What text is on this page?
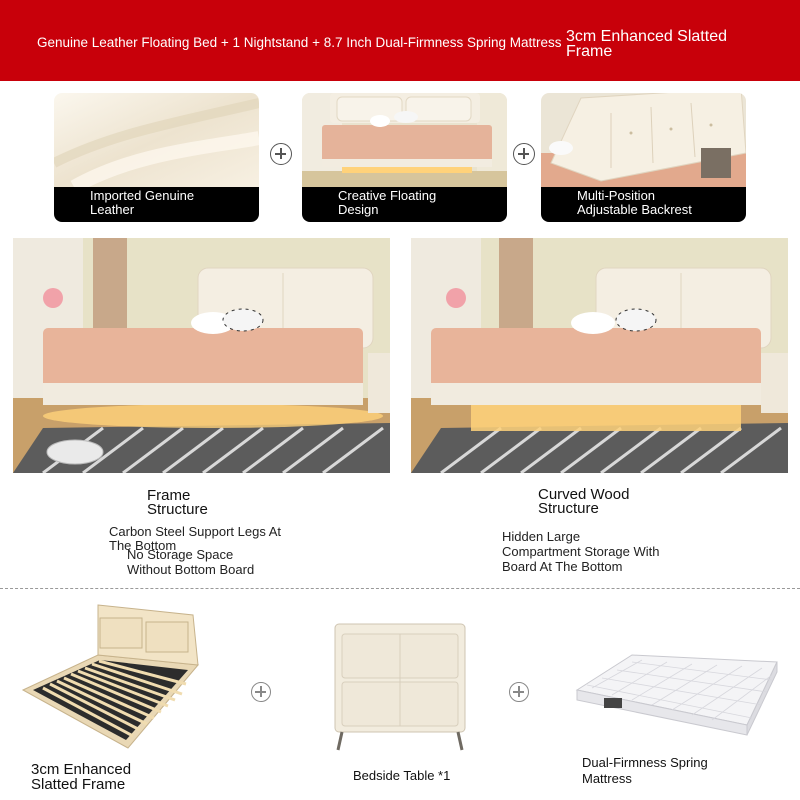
Genuine Leather Floating Bed + 1 Nightstand + 8.7 Inch Dual-Firmness Spring Mattress 3cm Enhanced Slatted
Frame
Imported Genuine
Leather
Creative Floating
Design
Multi-Position
Adjustable Backrest
Frame
Structure
Carbon Steel Support Legs At
The Bottom
No Storage Space
Without Bottom Board
Curved Wood
Structure
Hidden Large
Compartment Storage With
Board At The Bottom
3cm Enhanced
Slatted Frame
Bedside Table *1
Dual-Firmness Spring
Mattress
